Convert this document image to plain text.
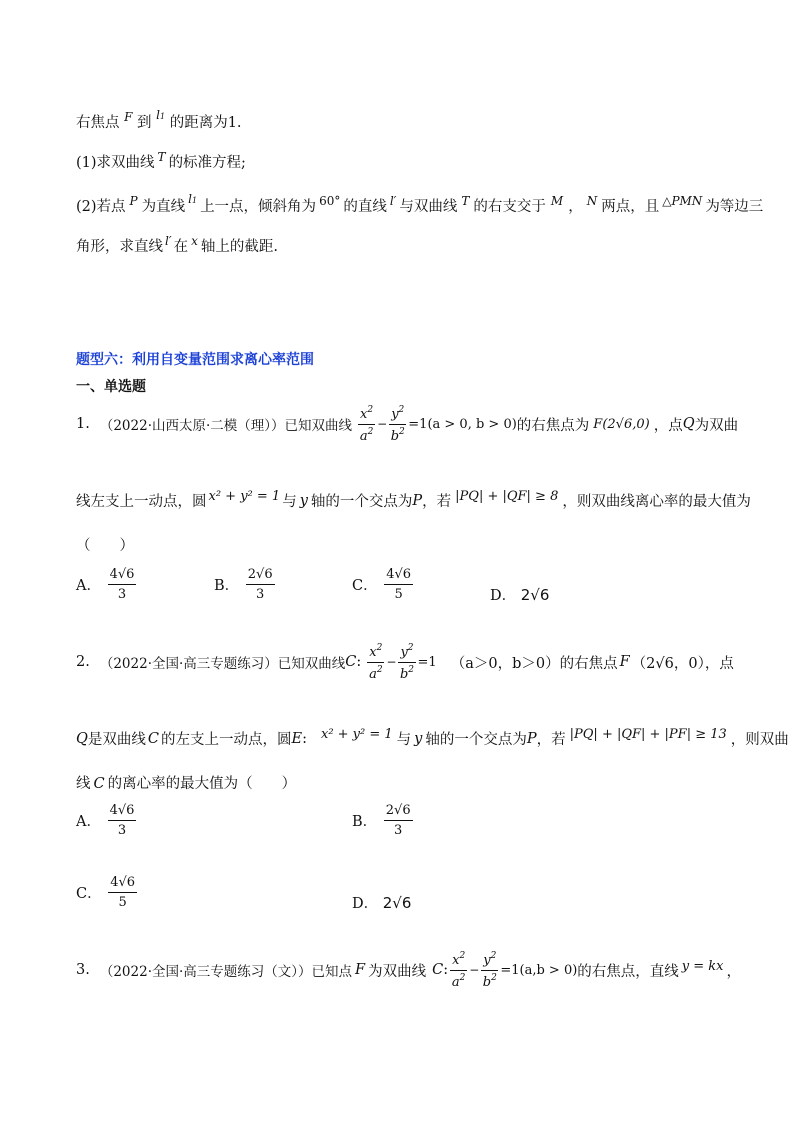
右焦点 $^F$ 到 $^{l1}$ 的距离为1.
(1)求双曲线 $^T$ 的标准方程;
(2)若点 $^P$ 为直线 $^{l1}$ 上一点，倾斜角为 $^{60^\circ}$ 的直线 $^{l'}$ 与双曲线 $^T$ 的右支交于 $^M$ ， $^N$ 两点，且 $^{\triangle PMN}$ 为等边三
角形，求直线 $^{l'}$ 在 $^x$ 轴上的截距.
题型六：利用自变量范围求离心率范围
一、单选题
1. （2022·山西太原·二模（理））已知双曲线 $\frac{x^2}{a^2} - \frac{y^2}{b^2} =1(a > 0$, b > 0) 的右焦点为 F(2√6,0) ，点 Q 为双曲
线左支上一动点，圆 x² + y² = 1 与 y 轴的一个交点为 P ，若 |PQ| + |QF| ≥ 8 ，则双曲线离心率的最大值为
（　　）
A． $\frac{4√6}{3}$	B． $\frac{2√6}{3}$	C． $\frac{4√6}{5}$	D． 2√6
2. （2022·全国·高三专题练习）已知双曲线 C : $\frac{x^2}{a^2} - \frac{y^2}{b^2} =1$ （a＞0，b＞0）的右焦点 F （2√6，0），点
Q 是双曲线 C 的左支上一动点，圆 E : x² + y² = 1 与 y 轴的一个交点为 P ，若 |PQ| + |QF| + |PF| ≥ 13 ，则双曲
线 C 的离心率的最大值为（　　）
A． $\frac{4√6}{3}$	B． $\frac{2√6}{3}$
C． $\frac{4√6}{5}$	D． 2√6
3. （2022·全国·高三专题练习（文））已知点 F 为双曲线 C : $\frac{x^2}{a^2} - \frac{y^2}{b^2} =1(a,b > 0)$ 的右焦点，直线 y = kx ，
